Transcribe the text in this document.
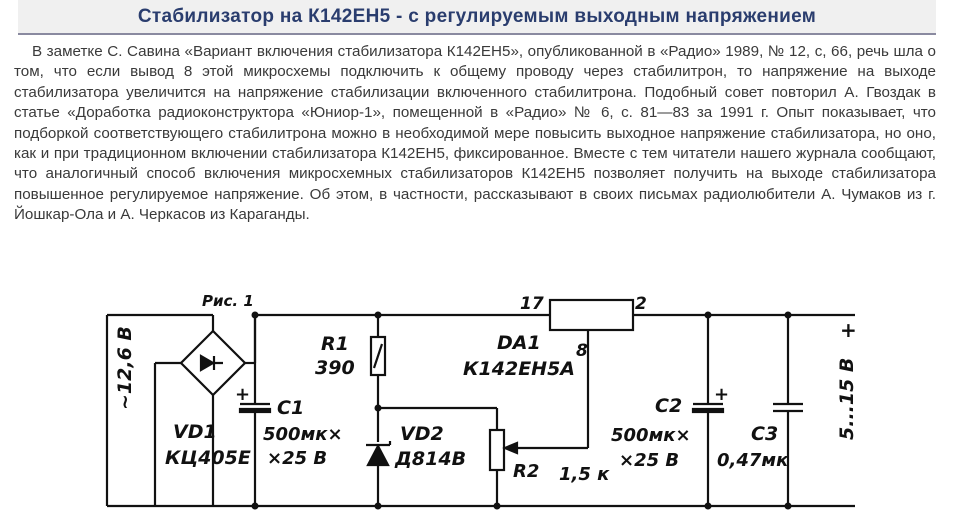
Стабилизатор на К142ЕН5 - с регулируемым выходным напряжением

В заметке С. Савина «Вариант включения стабилизатора К142ЕН5», опубликованной в «Радио» 1989, № 12, с, 66, речь шла о том, что если вывод 8 этой микросхемы подключить к общему проводу через стабилитрон, то напряжение на выходе стабилизатора увеличится на напряжение стабилизации включенного стабилитрона. Подобный совет повторил А. Гвоздак в статье «Доработка радиоконструктора «Юниор-1», помещенной в «Радио» № 6, с. 81—83 за 1991 г. Опыт показывает, что подборкой соответствующего стабилитрона можно в необходимой мере повысить выходное напряжение стабилизатора, но оно, как и при традиционном включении стабилизатора К142ЕН5, фиксированное. Вместе с тем читатели нашего журнала сообщают, что аналогичный способ включения микросхемных стабилизаторов К142ЕН5 позволяет получить на выходе стабилизатора повышенное регулируемое напряжение. Об этом, в частности, рассказывают в своих письмах радиолюбители А. Чумаков из г. Йошкар-Ола и А. Черкасов из Караганды.

+	+
Рис. 1
~12,6 В
VD1
КЦ405Е
C1
500мк×
×25 В
R1
390
VD2
Д814В
DA1
К142ЕН5А
17	2
8
R2 1,5 к
C2
500мк×
×25 В
C3
0,47мк
5...15 В
+
